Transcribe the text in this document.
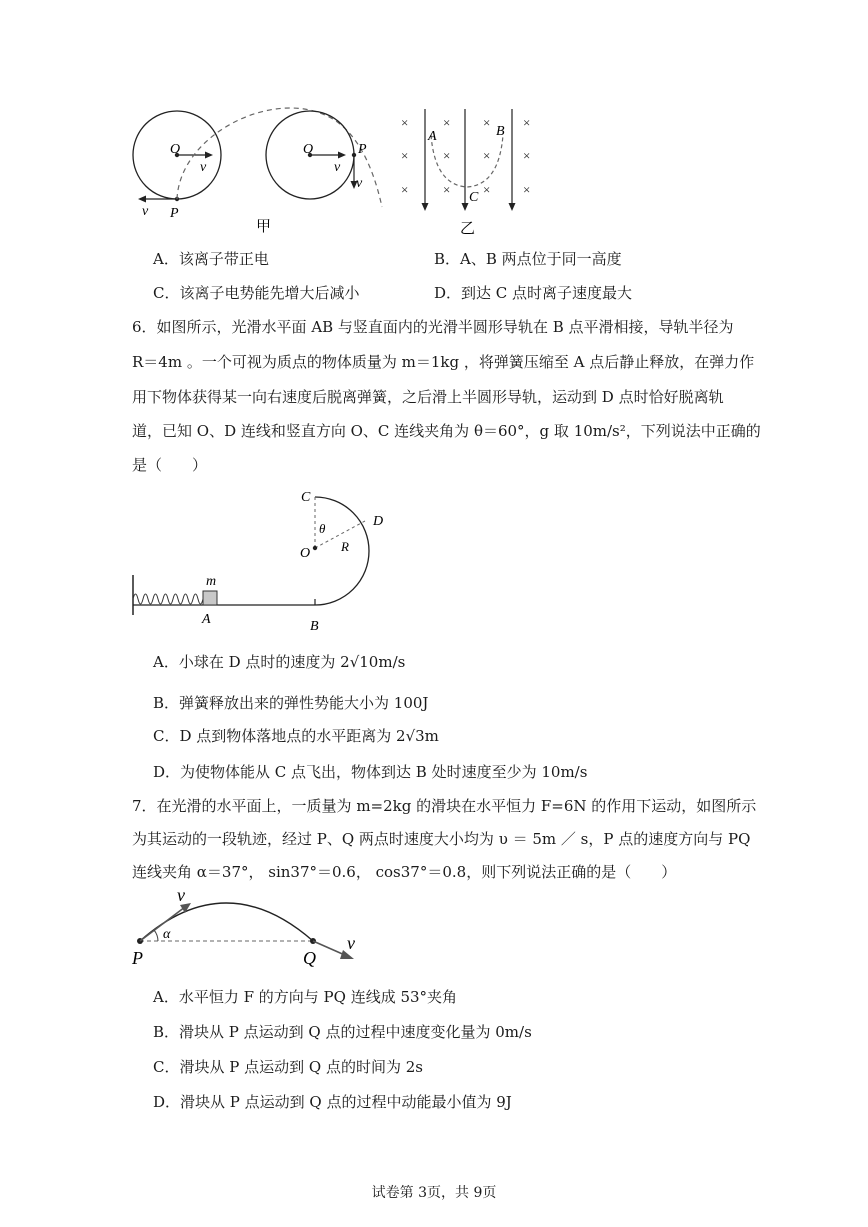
O
v
v P
O
v
P
v
甲
×	×	×	×
×	×	×	×
×	×	×	×
A	B
C
乙
A．该离子带正电	B．A、B 两点位于同一高度
C．该离子电势能先增大后减小	D．到达 C 点时离子速度最大
6．如图所示，光滑水平面 AB 与竖直面内的光滑半圆形导轨在 B 点平滑相接，导轨半径为
R＝4m 。一个可视为质点的物体质量为 m＝1kg ，将弹簧压缩至 A 点后静止释放，在弹力作
用下物体获得某一向右速度后脱离弹簧，之后滑上半圆形导轨，运动到 D 点时恰好脱离轨
道，已知 O、D 连线和竖直方向 O、C 连线夹角为 θ＝60°，g 取 10m/s²，下列说法中正确的
是（　　）
m
A	B
C
D
O
θ
R
A．小球在 D 点时的速度为 2√10m/s
B．弹簧释放出来的弹性势能大小为 100J
C．D 点到物体落地点的水平距离为 2√3m
D．为使物体能从 C 点飞出，物体到达 B 处时速度至少为 10m/s
7．在光滑的水平面上，一质量为 m=2kg 的滑块在水平恒力 F=6N 的作用下运动，如图所示
为其运动的一段轨迹，经过 P、Q 两点时速度大小均为 υ ＝ 5m ／ s，P 点的速度方向与 PQ
连线夹角 α＝37°， sin37°＝0.6， cos37°＝0.8，则下列说法正确的是（　　）
v
α	v
P	Q
A．水平恒力 F 的方向与 PQ 连线成 53°夹角
B．滑块从 P 点运动到 Q 点的过程中速度变化量为 0m/s
C．滑块从 P 点运动到 Q 点的时间为 2s
D．滑块从 P 点运动到 Q 点的过程中动能最小值为 9J
试卷第 3页，共 9页
